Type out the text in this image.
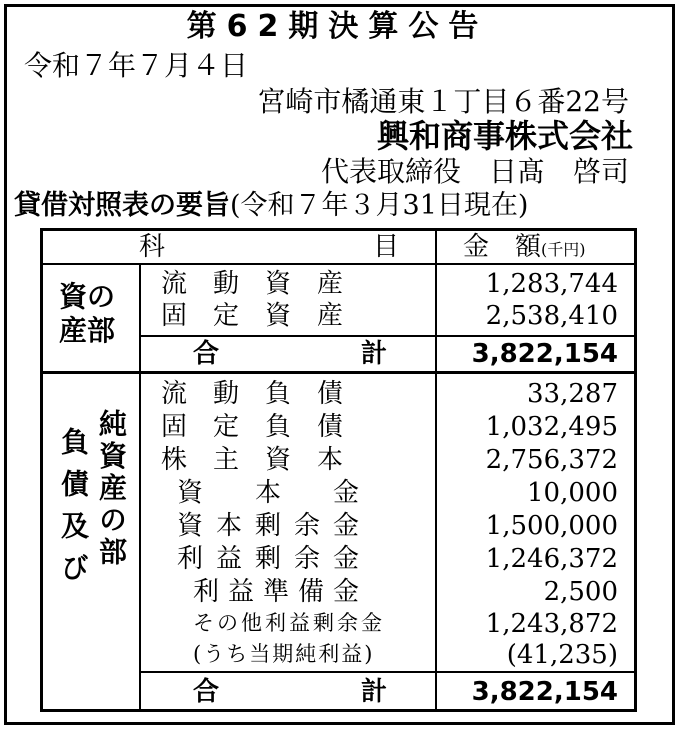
第62期決算公告
令和７年７月４日
宮崎市橘通東１丁目６番22号
興和商事株式会社
代表取締役　日髙　啓司
貸借対照表の要旨(令和７年３月31日現在)
科　　　　　　　　目 金　額(千円)
資の
産部
流　動　資　産	1,283,744
固　定　資　産	2,538,410
合	計	3,822,154
負債及び 純資産の部
流　動　負　債	33,287
固　定　負　債	1,032,495
株　主　資　本	2,756,372
資　　本　　金	10,000
資本剰余金	1,500,000
利益剰余金	1,246,372
利益準備金	2,500
その他利益剰余金	1,243,872
(うち当期純利益)	(41,235)
合	計	3,822,154
